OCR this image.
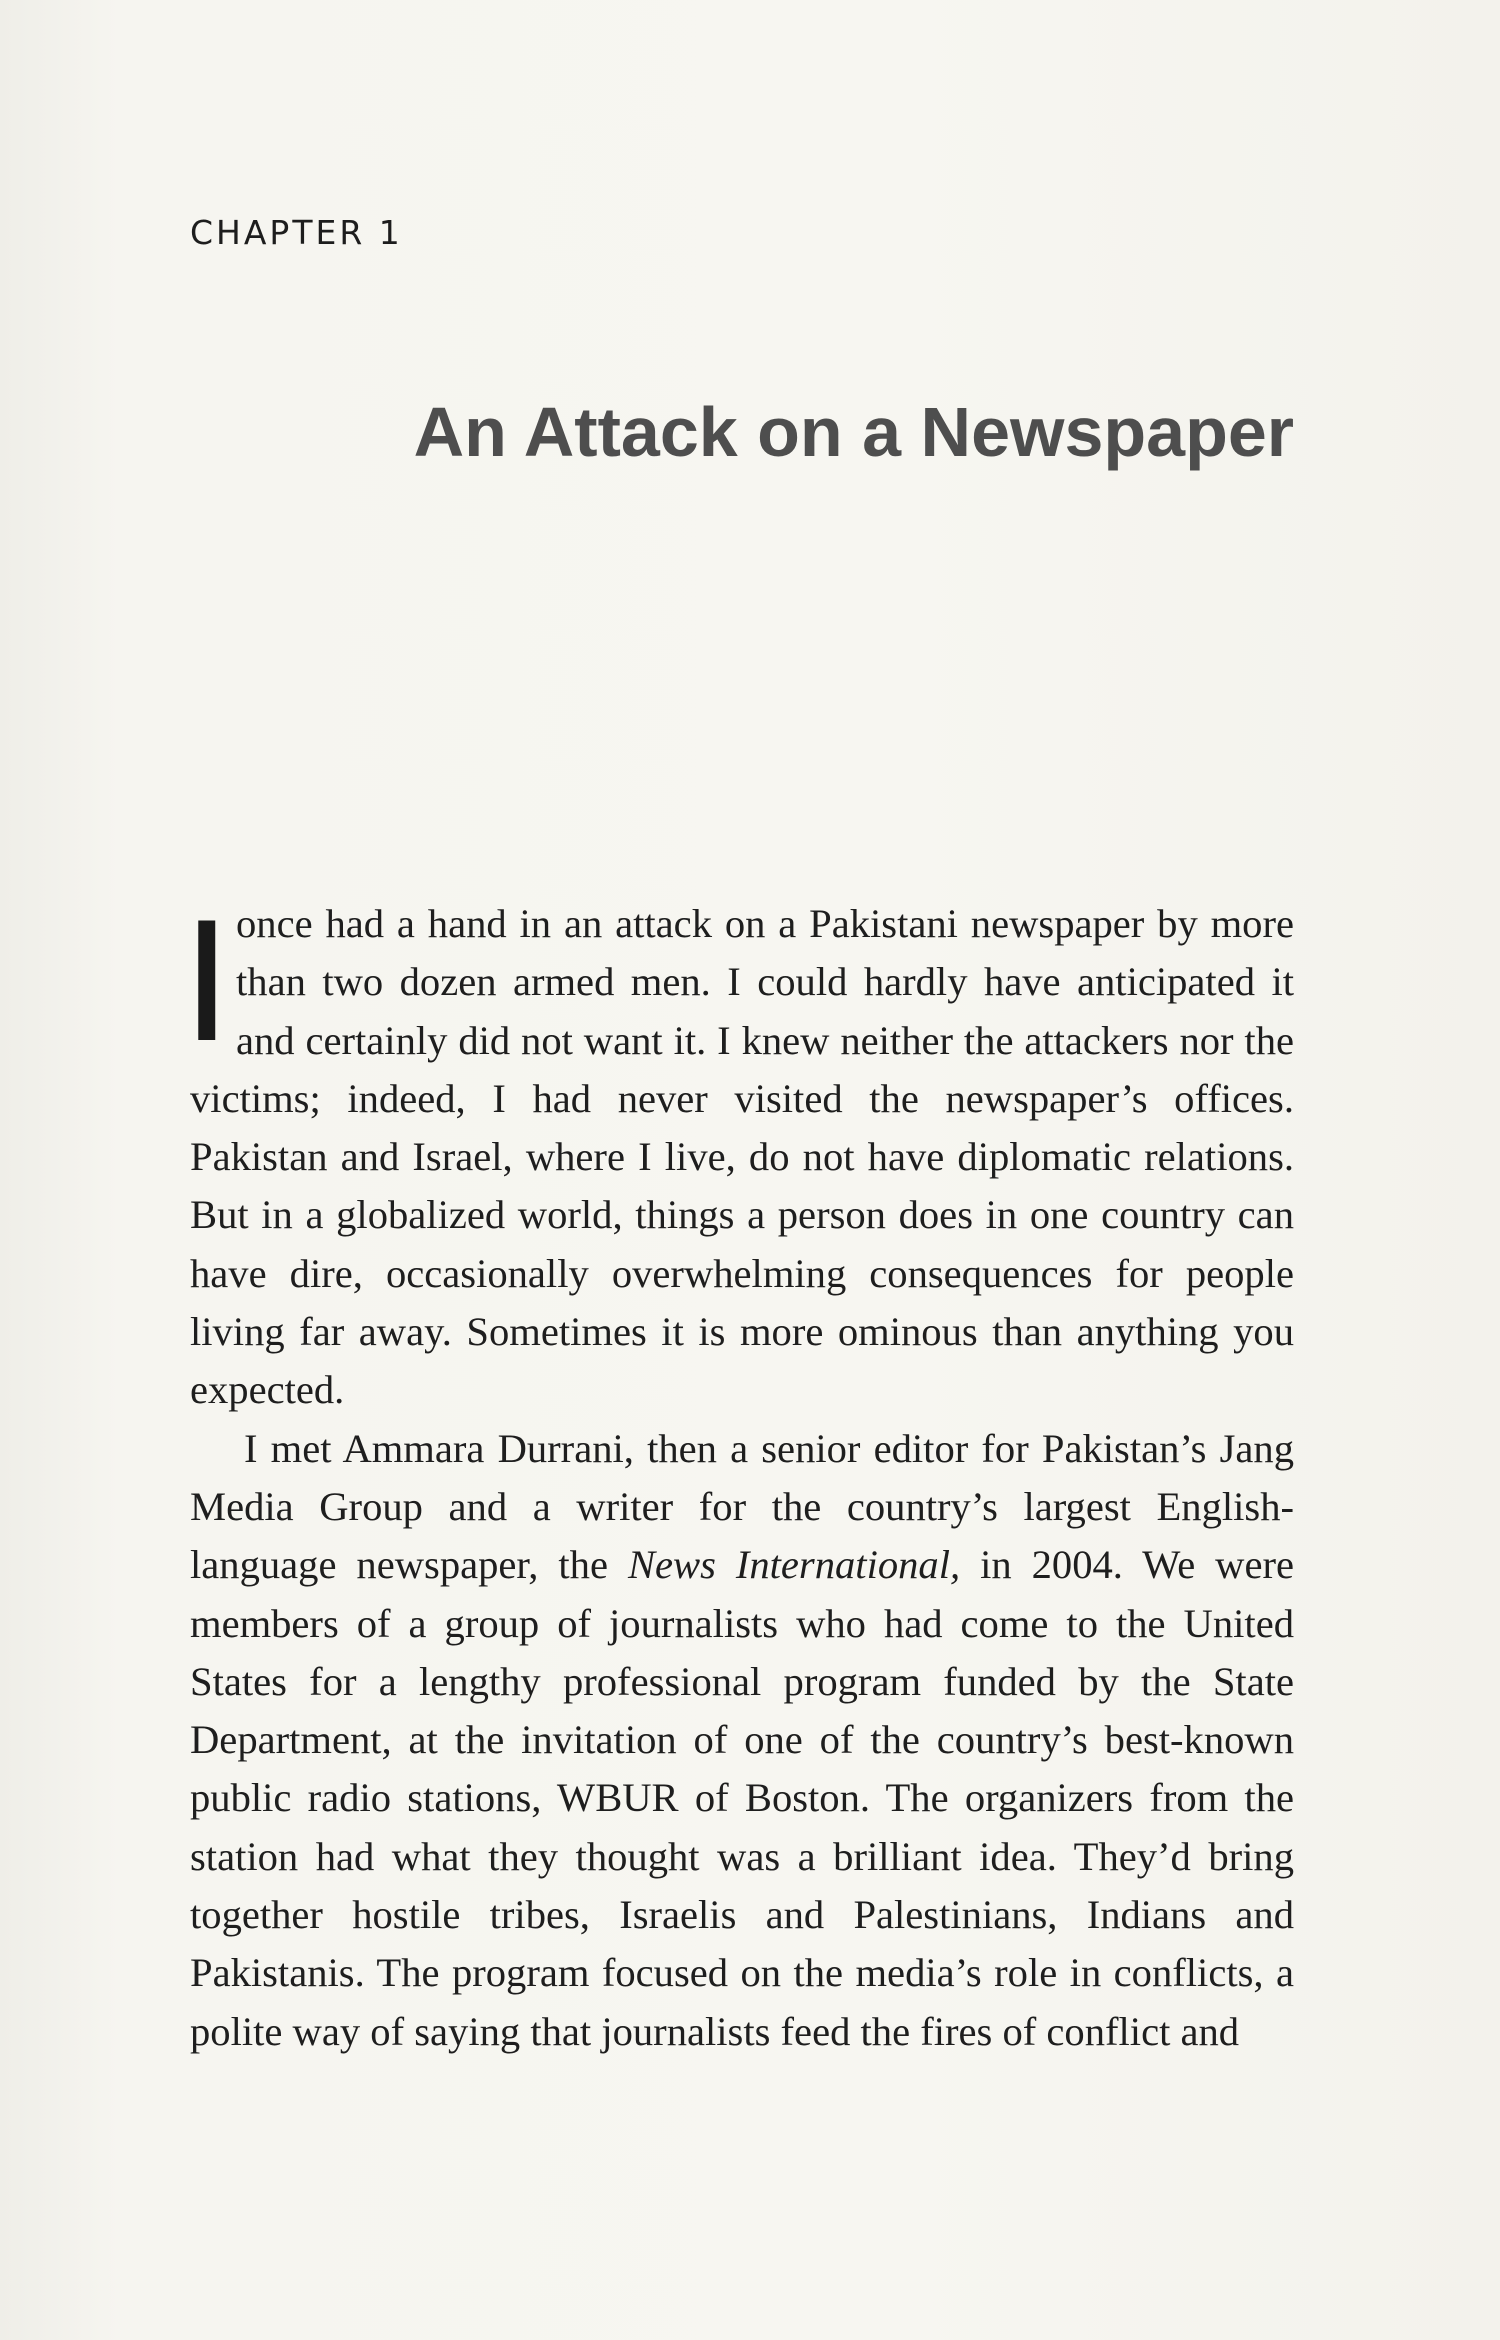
CHAPTER 1
An Attack on a Newspaper

Ionce had a hand in an attack on a Pakistani newspaper by more than two dozen armed men. I could hardly have anticipated it and certainly did not want it. I knew neither the attackers nor the victims; indeed, I had never visited the newspaper’s offices. Pakistan and Israel, where I live, do not have diplomatic relations. But in a globalized world, things a person does in one country can have dire, occasionally overwhelming consequences for people living far away. Sometimes it is more ominous than anything you expected.

I met Ammara Durrani, then a senior editor for Pakistan’s Jang Media Group and a writer for the country’s largest English-language newspaper, the News International, in 2004. We were members of a group of journalists who had come to the United States for a lengthy professional program funded by the State Department, at the invitation of one of the country’s best-known public radio stations, WBUR of Boston. The organizers from the station had what they thought was a brilliant idea. They’d bring together hostile tribes, Israelis and Palestinians, Indians and Pakistanis. The program focused on the media’s role in conflicts, a polite way of saying that journalists feed the fires of conflict and
